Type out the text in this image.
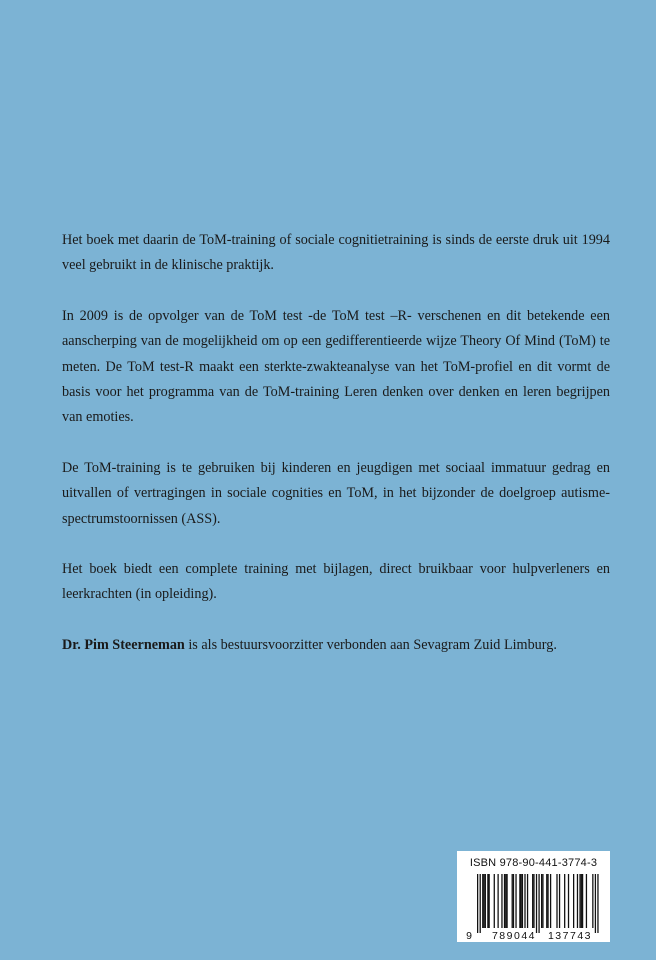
Het boek met daarin de ToM-training of sociale cognitietraining is sinds de eerste druk uit 1994 veel gebruikt in de klinische praktijk.

In 2009 is de opvolger van de ToM test -de ToM test –R- verschenen en dit betekende een aanscherping van de mogelijkheid om op een gedifferentieerde wijze Theory Of Mind (ToM) te meten. De ToM test-R maakt een sterkte-zwakteanalyse van het ToM-profiel en dit vormt de basis voor het programma van de ToM-training Leren denken over denken en leren begrijpen van emoties.

De ToM-training is te gebruiken bij kinderen en jeugdigen met sociaal immatuur gedrag en uitvallen of vertragingen in sociale cognities en ToM, in het bijzonder de doelgroep autisme-spectrumstoornissen (ASS).

Het boek biedt een complete training met bijlagen, direct bruikbaar voor hulpverleners en leerkrachten (in opleiding).

Dr. Pim Steerneman is als bestuursvoorzitter verbonden aan Sevagram Zuid Limburg.

ISBN 978-90-441-3774-3
9 789044 137743
